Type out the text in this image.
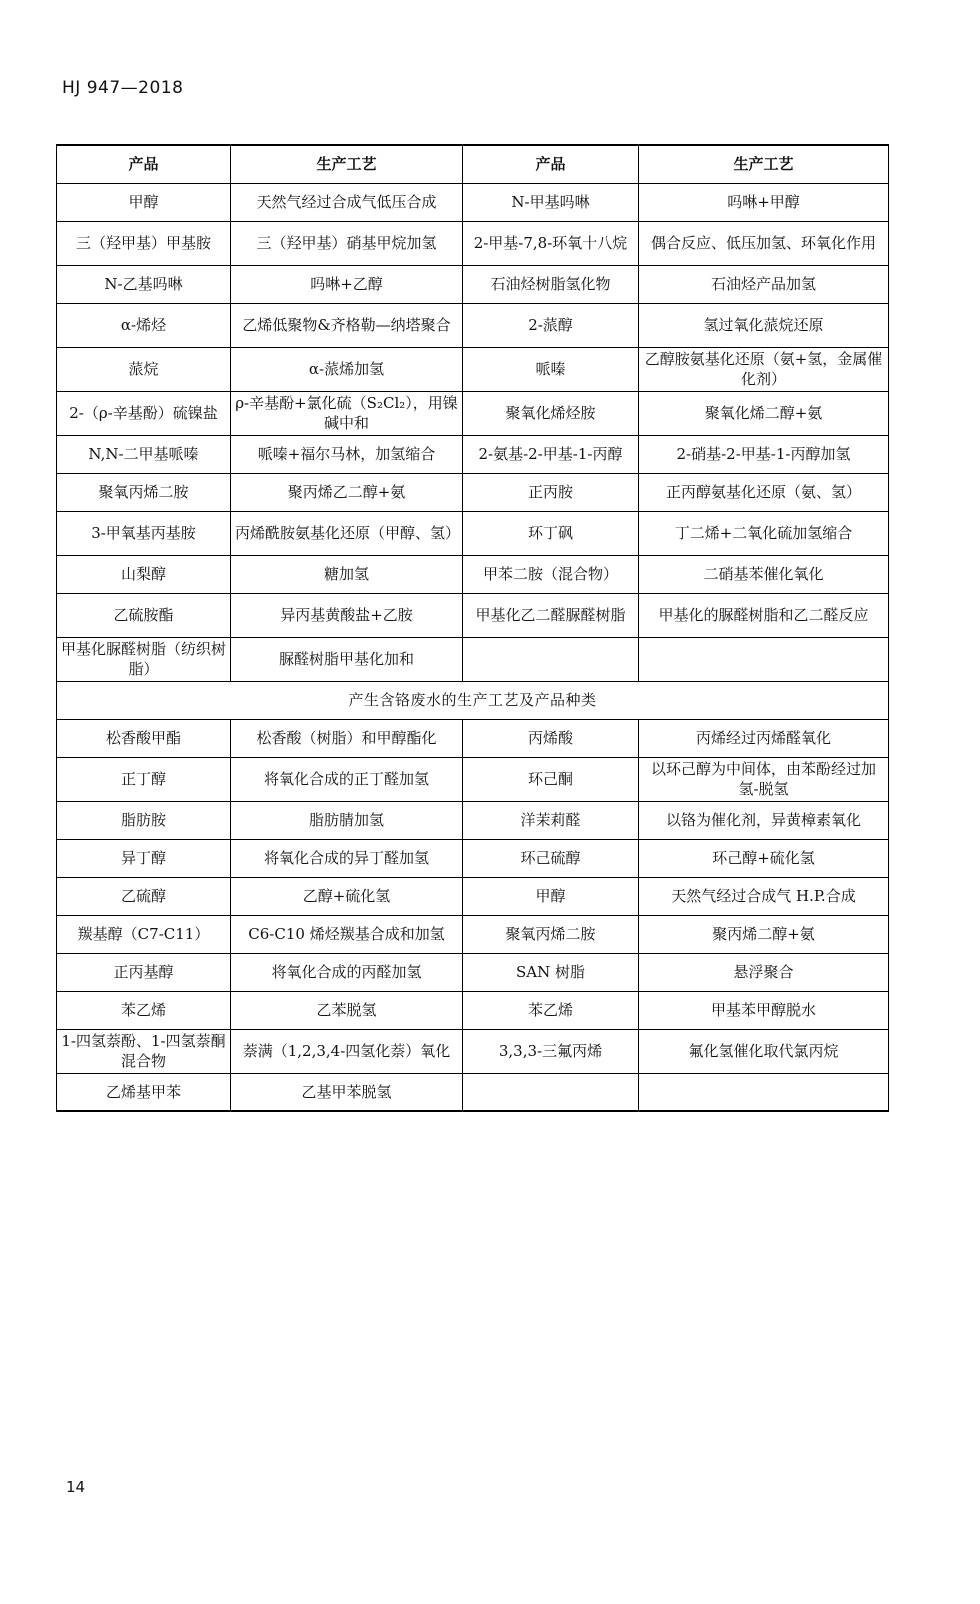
HJ 947—2018
产品	生产工艺	产品	生产工艺
甲醇	天然气经过合成气低压合成	N-甲基吗啉	吗啉+甲醇
三（羟甲基）甲基胺	三（羟甲基）硝基甲烷加氢	2-甲基-7,8-环氧十八烷	偶合反应、低压加氢、环氧化作用
N-乙基吗啉	吗啉+乙醇	石油烃树脂氢化物	石油烃产品加氢
α-烯烃	乙烯低聚物&齐格勒—纳塔聚合	2-蒎醇	氢过氧化蒎烷还原
蒎烷	α-蒎烯加氢	哌嗪	乙醇胺氨基化还原（氨+氢，金属催化剂）
2-（ρ-辛基酚）硫镍盐	ρ-辛基酚+氯化硫（S₂Cl₂），用镍碱中和	聚氧化烯烃胺	聚氧化烯二醇+氨
N,N-二甲基哌嗪	哌嗪+福尔马林，加氢缩合	2-氨基-2-甲基-1-丙醇	2-硝基-2-甲基-1-丙醇加氢
聚氧丙烯二胺	聚丙烯乙二醇+氨	正丙胺	正丙醇氨基化还原（氨、氢）
3-甲氧基丙基胺	丙烯酰胺氨基化还原（甲醇、氢）	环丁砜	丁二烯+二氧化硫加氢缩合
山梨醇	糖加氢	甲苯二胺（混合物）	二硝基苯催化氧化
乙硫胺酯	异丙基黄酸盐+乙胺	甲基化乙二醛脲醛树脂	甲基化的脲醛树脂和乙二醛反应
甲基化脲醛树脂（纺织树脂）	脲醛树脂甲基化加和		
产生含铬废水的生产工艺及产品种类			
松香酸甲酯	松香酸（树脂）和甲醇酯化	丙烯酸	丙烯经过丙烯醛氧化
正丁醇	将氧化合成的正丁醛加氢	环己酮	以环己醇为中间体，由苯酚经过加氢-脱氢
脂肪胺	脂肪腈加氢	洋茉莉醛	以铬为催化剂，异黄樟素氧化
异丁醇	将氧化合成的异丁醛加氢	环己硫醇	环己醇+硫化氢
乙硫醇	乙醇+硫化氢	甲醇	天然气经过合成气 H.P.合成
羰基醇（C7-C11）	C6-C10 烯烃羰基合成和加氢	聚氧丙烯二胺	聚丙烯二醇+氨
正丙基醇	将氧化合成的丙醛加氢	SAN 树脂	悬浮聚合
苯乙烯	乙苯脱氢	苯乙烯	甲基苯甲醇脱水
1-四氢萘酚、1-四氢萘酮混合物	萘满（1,2,3,4-四氢化萘）氧化	3,3,3-三氟丙烯	氟化氢催化取代氯丙烷
乙烯基甲苯	乙基甲苯脱氢		
14
